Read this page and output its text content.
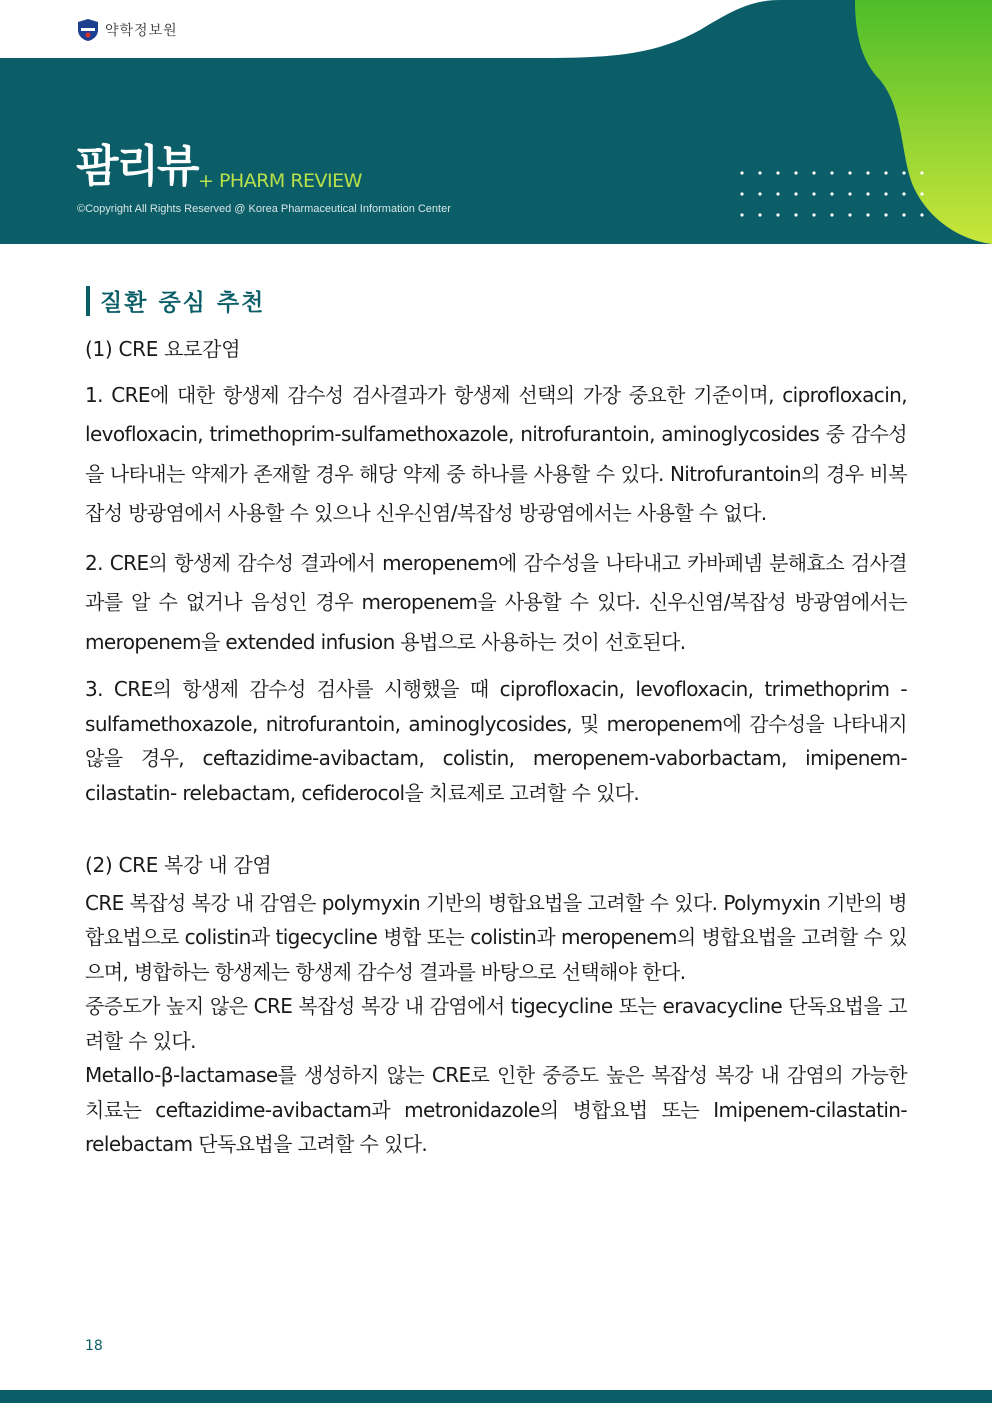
약학정보원
팜리뷰 + PHARM REVIEW
©Copyright All Rights Reserved @ Korea Pharmaceutical Information Center
질환 중심 추천

(1) CRE 요로감염

1. CRE에 대한 항생제 감수성 검사결과가 항생제 선택의 가장 중요한 기준이며, ciprofloxacin, levofloxacin, trimethoprim-sulfamethoxazole, nitrofurantoin, aminoglycosides 중 감수성을 나타내는 약제가 존재할 경우 해당 약제 중 하나를 사용할 수 있다. Nitrofurantoin의 경우 비복잡성 방광염에서 사용할 수 있으나 신우신염/복잡성 방광염에서는 사용할 수 없다.

2. CRE의 항생제 감수성 결과에서 meropenem에 감수성을 나타내고 카바페넴 분해효소 검사결과를 알 수 없거나 음성인 경우 meropenem을 사용할 수 있다. 신우신염/복잡성 방광염에서는 meropenem을 extended infusion 용법으로 사용하는 것이 선호된다.

3. CRE의 항생제 감수성 검사를 시행했을 때 ciprofloxacin, levofloxacin, trimethoprim -sulfamethoxazole, nitrofurantoin, aminoglycosides, 및 meropenem에 감수성을 나타내지 않을 경우, ceftazidime-avibactam, colistin, meropenem-vaborbactam, imipenem-cilastatin- relebactam, cefiderocol을 치료제로 고려할 수 있다.

(2) CRE 복강 내 감염

CRE 복잡성 복강 내 감염은 polymyxin 기반의 병합요법을 고려할 수 있다. Polymyxin 기반의 병합요법으로 colistin과 tigecycline 병합 또는 colistin과 meropenem의 병합요법을 고려할 수 있으며, 병합하는 항생제는 항생제 감수성 결과를 바탕으로 선택해야 한다.

중증도가 높지 않은 CRE 복잡성 복강 내 감염에서 tigecycline 또는 eravacycline 단독요법을 고려할 수 있다.

Metallo-β-lactamase를 생성하지 않는 CRE로 인한 중증도 높은 복잡성 복강 내 감염의 가능한 치료는 ceftazidime-avibactam과 metronidazole의 병합요법 또는 Imipenem-cilastatin-relebactam 단독요법을 고려할 수 있다.

18
